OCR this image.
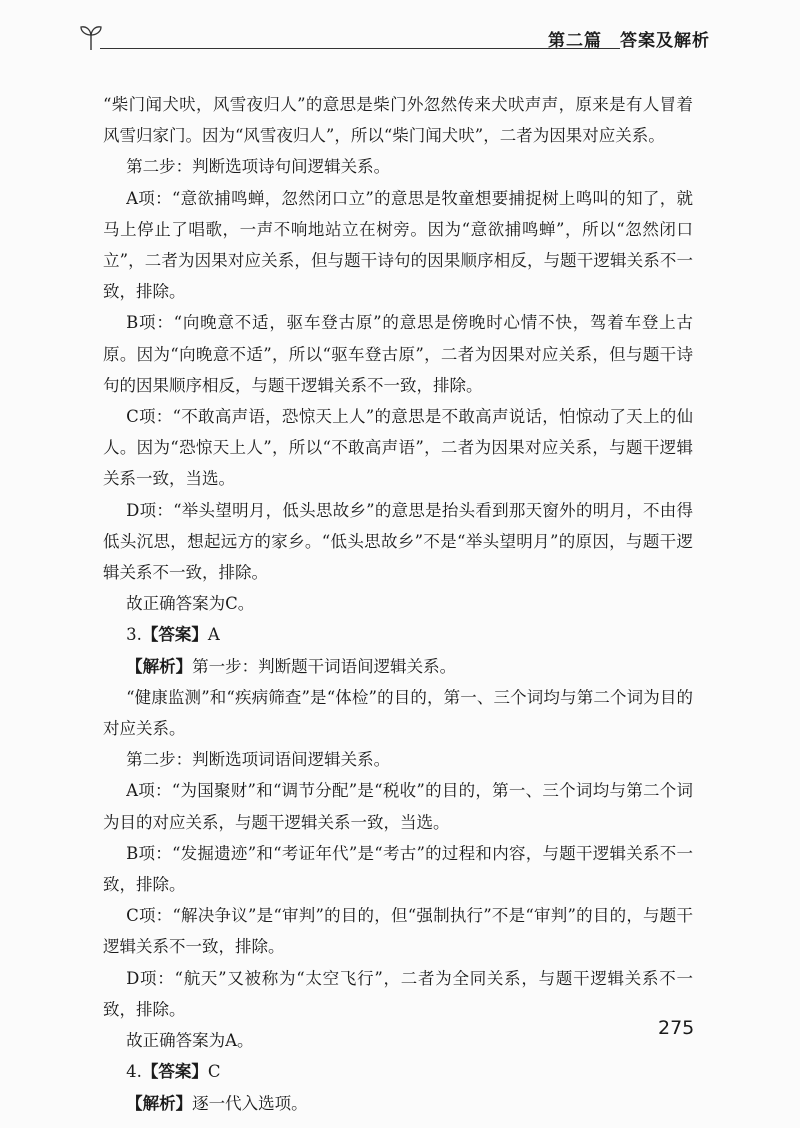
第二篇　答案及解析

“柴门闻犬吠，风雪夜归人”的意思是柴门外忽然传来犬吠声声，原来是有人冒着风雪归家门。因为“风雪夜归人”，所以“柴门闻犬吠”，二者为因果对应关系。

第二步：判断选项诗句间逻辑关系。

A项：“意欲捕鸣蝉，忽然闭口立”的意思是牧童想要捕捉树上鸣叫的知了，就马上停止了唱歌，一声不响地站立在树旁。因为“意欲捕鸣蝉”，所以“忽然闭口立”，二者为因果对应关系，但与题干诗句的因果顺序相反，与题干逻辑关系不一致，排除。

B项：“向晚意不适，驱车登古原”的意思是傍晚时心情不快，驾着车登上古原。因为“向晚意不适”，所以“驱车登古原”，二者为因果对应关系，但与题干诗句的因果顺序相反，与题干逻辑关系不一致，排除。

C项：“不敢高声语，恐惊天上人”的意思是不敢高声说话，怕惊动了天上的仙人。因为“恐惊天上人”，所以“不敢高声语”，二者为因果对应关系，与题干逻辑关系一致，当选。

D项：“举头望明月，低头思故乡”的意思是抬头看到那天窗外的明月，不由得低头沉思，想起远方的家乡。“低头思故乡”不是“举头望明月”的原因，与题干逻辑关系不一致，排除。

故正确答案为C。

3.【答案】A

【解析】第一步：判断题干词语间逻辑关系。

“健康监测”和“疾病筛查”是“体检”的目的，第一、三个词均与第二个词为目的对应关系。

第二步：判断选项词语间逻辑关系。

A项：“为国聚财”和“调节分配”是“税收”的目的，第一、三个词均与第二个词为目的对应关系，与题干逻辑关系一致，当选。

B项：“发掘遗迹”和“考证年代”是“考古”的过程和内容，与题干逻辑关系不一致，排除。

C项：“解决争议”是“审判”的目的，但“强制执行”不是“审判”的目的，与题干逻辑关系不一致，排除。

D项：“航天”又被称为“太空飞行”，二者为全同关系，与题干逻辑关系不一致，排除。

故正确答案为A。

4.【答案】C

【解析】逐一代入选项。

275
